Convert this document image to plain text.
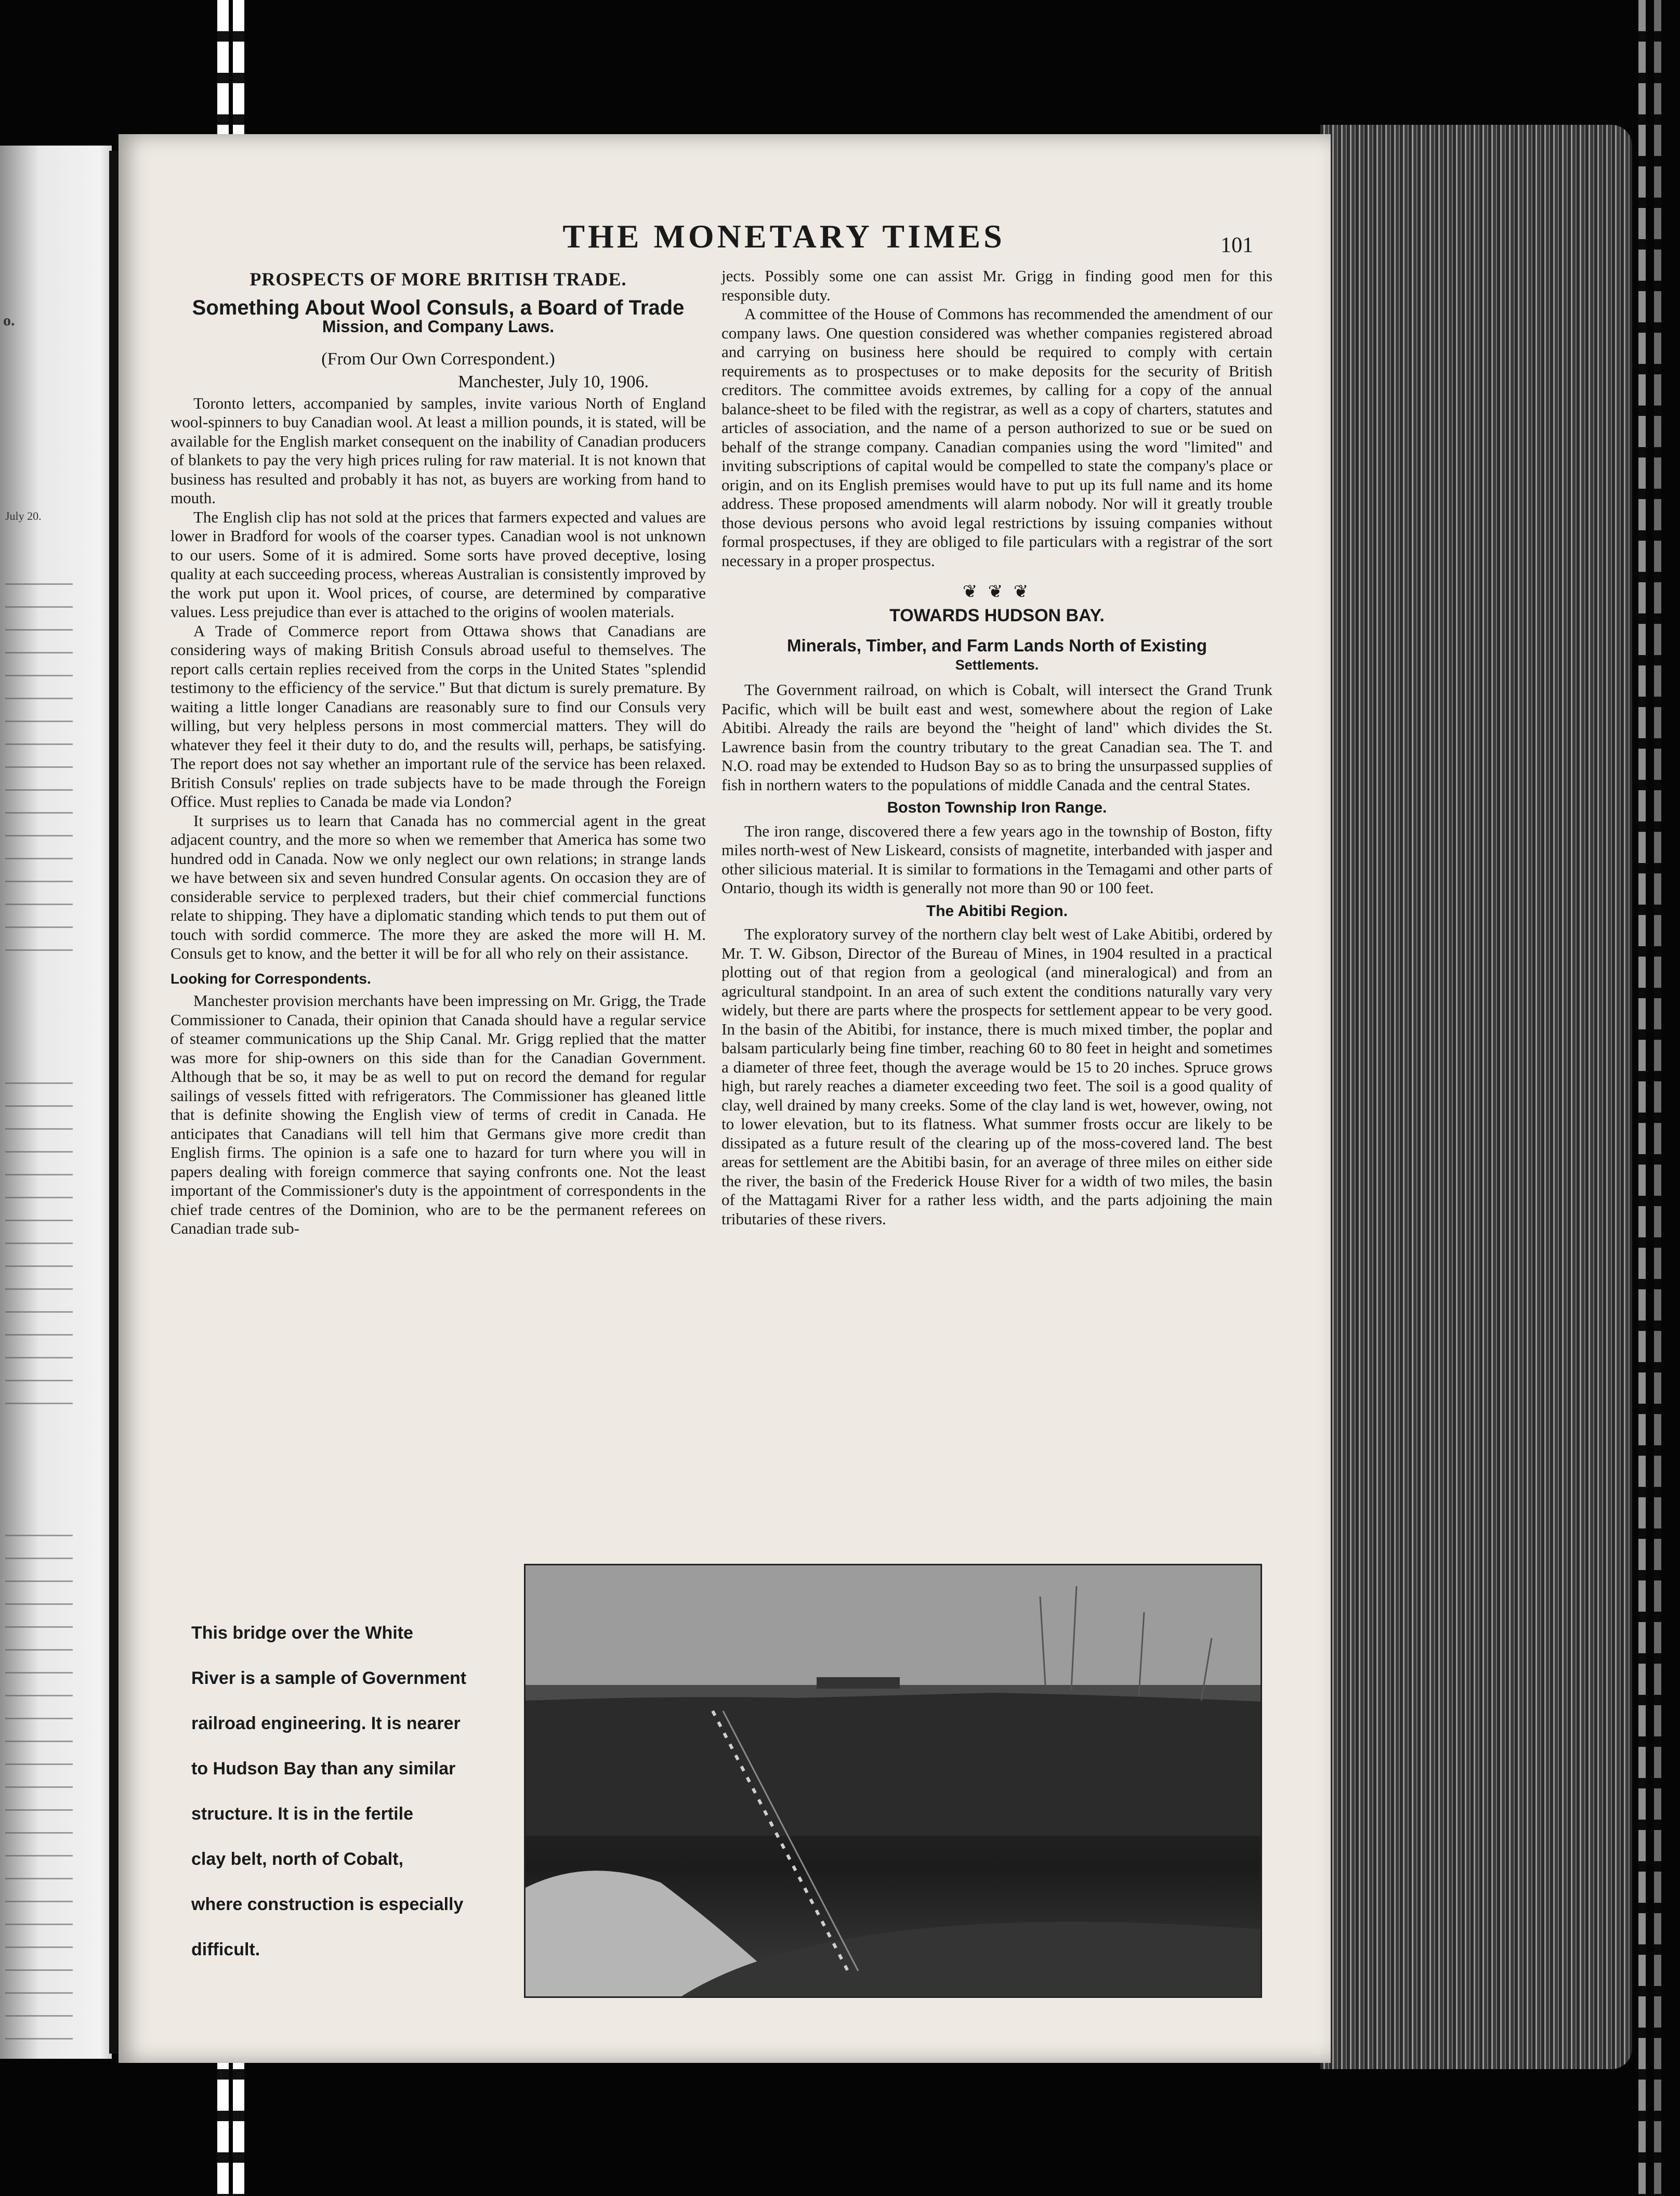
o.
July 20.
THE MONETARY TIMES	101
PROSPECTS OF MORE BRITISH TRADE.
Something About Wool Consuls, a Board of Trade
Mission, and Company Laws.
(From Our Own Correspondent.)
Manchester, July 10, 1906.

Toronto letters, accompanied by samples, invite various North of England wool-spinners to buy Canadian wool. At least a million pounds, it is stated, will be available for the English market consequent on the inability of Canadian producers of blankets to pay the very high prices ruling for raw material. It is not known that business has resulted and probably it has not, as buyers are working from hand to mouth.

The English clip has not sold at the prices that farmers expected and values are lower in Bradford for wools of the coarser types. Canadian wool is not unknown to our users. Some of it is admired. Some sorts have proved deceptive, losing quality at each succeeding process, whereas Australian is consistently improved by the work put upon it. Wool prices, of course, are determined by comparative values. Less prejudice than ever is attached to the origins of woolen materials.

A Trade of Commerce report from Ottawa shows that Canadians are considering ways of making British Consuls abroad useful to themselves. The report calls certain replies received from the corps in the United States "splendid testimony to the efficiency of the service." But that dictum is surely premature. By waiting a little longer Canadians are reasonably sure to find our Consuls very willing, but very helpless persons in most commercial matters. They will do whatever they feel it their duty to do, and the results will, perhaps, be satisfying. The report does not say whether an important rule of the service has been relaxed. British Consuls' replies on trade subjects have to be made through the Foreign Office. Must replies to Canada be made via London?

It surprises us to learn that Canada has no commercial agent in the great adjacent country, and the more so when we remember that America has some two hundred odd in Canada. Now we only neglect our own relations; in strange lands we have between six and seven hundred Consular agents. On occasion they are of considerable service to perplexed traders, but their chief commercial functions relate to shipping. They have a diplomatic standing which tends to put them out of touch with sordid commerce. The more they are asked the more will H. M. Consuls get to know, and the better it will be for all who rely on their assistance.

Looking for Correspondents.

Manchester provision merchants have been impressing on Mr. Grigg, the Trade Commissioner to Canada, their opinion that Canada should have a regular service of steamer communications up the Ship Canal. Mr. Grigg replied that the matter was more for ship-owners on this side than for the Canadian Government. Although that be so, it may be as well to put on record the demand for regular sailings of vessels fitted with refrigerators. The Commissioner has gleaned little that is definite showing the English view of terms of credit in Canada. He anticipates that Canadians will tell him that Germans give more credit than English firms. The opinion is a safe one to hazard for turn where you will in papers dealing with foreign commerce that saying confronts one. Not the least important of the Commissioner's duty is the appointment of correspondents in the chief trade centres of the Dominion, who are to be the permanent referees on Canadian trade sub-

jects. Possibly some one can assist Mr. Grigg in finding good men for this responsible duty.

A committee of the House of Commons has recommended the amendment of our company laws. One question considered was whether companies registered abroad and carrying on business here should be required to comply with certain requirements as to prospectuses or to make deposits for the security of British creditors. The committee avoids extremes, by calling for a copy of the annual balance-sheet to be filed with the registrar, as well as a copy of charters, statutes and articles of association, and the name of a person authorized to sue or be sued on behalf of the strange company. Canadian companies using the word "limited" and inviting subscriptions of capital would be compelled to state the company's place or origin, and on its English premises would have to put up its full name and its home address. These proposed amendments will alarm nobody. Nor will it greatly trouble those devious persons who avoid legal restrictions by issuing companies without formal prospectuses, if they are obliged to file particulars with a registrar of the sort necessary in a proper prospectus.

❦ ❦ ❦
TOWARDS HUDSON BAY.
Minerals, Timber, and Farm Lands North of Existing
Settlements.

The Government railroad, on which is Cobalt, will intersect the Grand Trunk Pacific, which will be built east and west, somewhere about the region of Lake Abitibi. Already the rails are beyond the "height of land" which divides the St. Lawrence basin from the country tributary to the great Canadian sea. The T. and N.O. road may be extended to Hudson Bay so as to bring the unsurpassed supplies of fish in northern waters to the populations of middle Canada and the central States.

Boston Township Iron Range.

The iron range, discovered there a few years ago in the township of Boston, fifty miles north-west of New Liskeard, consists of magnetite, interbanded with jasper and other silicious material. It is similar to formations in the Temagami and other parts of Ontario, though its width is generally not more than 90 or 100 feet.

The Abitibi Region.

The exploratory survey of the northern clay belt west of Lake Abitibi, ordered by Mr. T. W. Gibson, Director of the Bureau of Mines, in 1904 resulted in a practical plotting out of that region from a geological (and mineralogical) and from an agricultural standpoint. In an area of such extent the conditions naturally vary very widely, but there are parts where the prospects for settlement appear to be very good. In the basin of the Abitibi, for instance, there is much mixed timber, the poplar and balsam particularly being fine timber, reaching 60 to 80 feet in height and sometimes a diameter of three feet, though the average would be 15 to 20 inches. Spruce grows high, but rarely reaches a diameter exceeding two feet. The soil is a good quality of clay, well drained by many creeks. Some of the clay land is wet, however, owing, not to lower elevation, but to its flatness. What summer frosts occur are likely to be dissipated as a future result of the clearing up of the moss-covered land. The best areas for settlement are the Abitibi basin, for an average of three miles on either side the river, the basin of the Frederick House River for a width of two miles, the basin of the Mattagami River for a rather less width, and the parts adjoining the main tributaries of these rivers.

This bridge over the White
River is a sample of Government
railroad engineering. It is nearer
to Hudson Bay than any similar
structure. It is in the fertile
clay belt, north of Cobalt,
where construction is especially
difficult.
